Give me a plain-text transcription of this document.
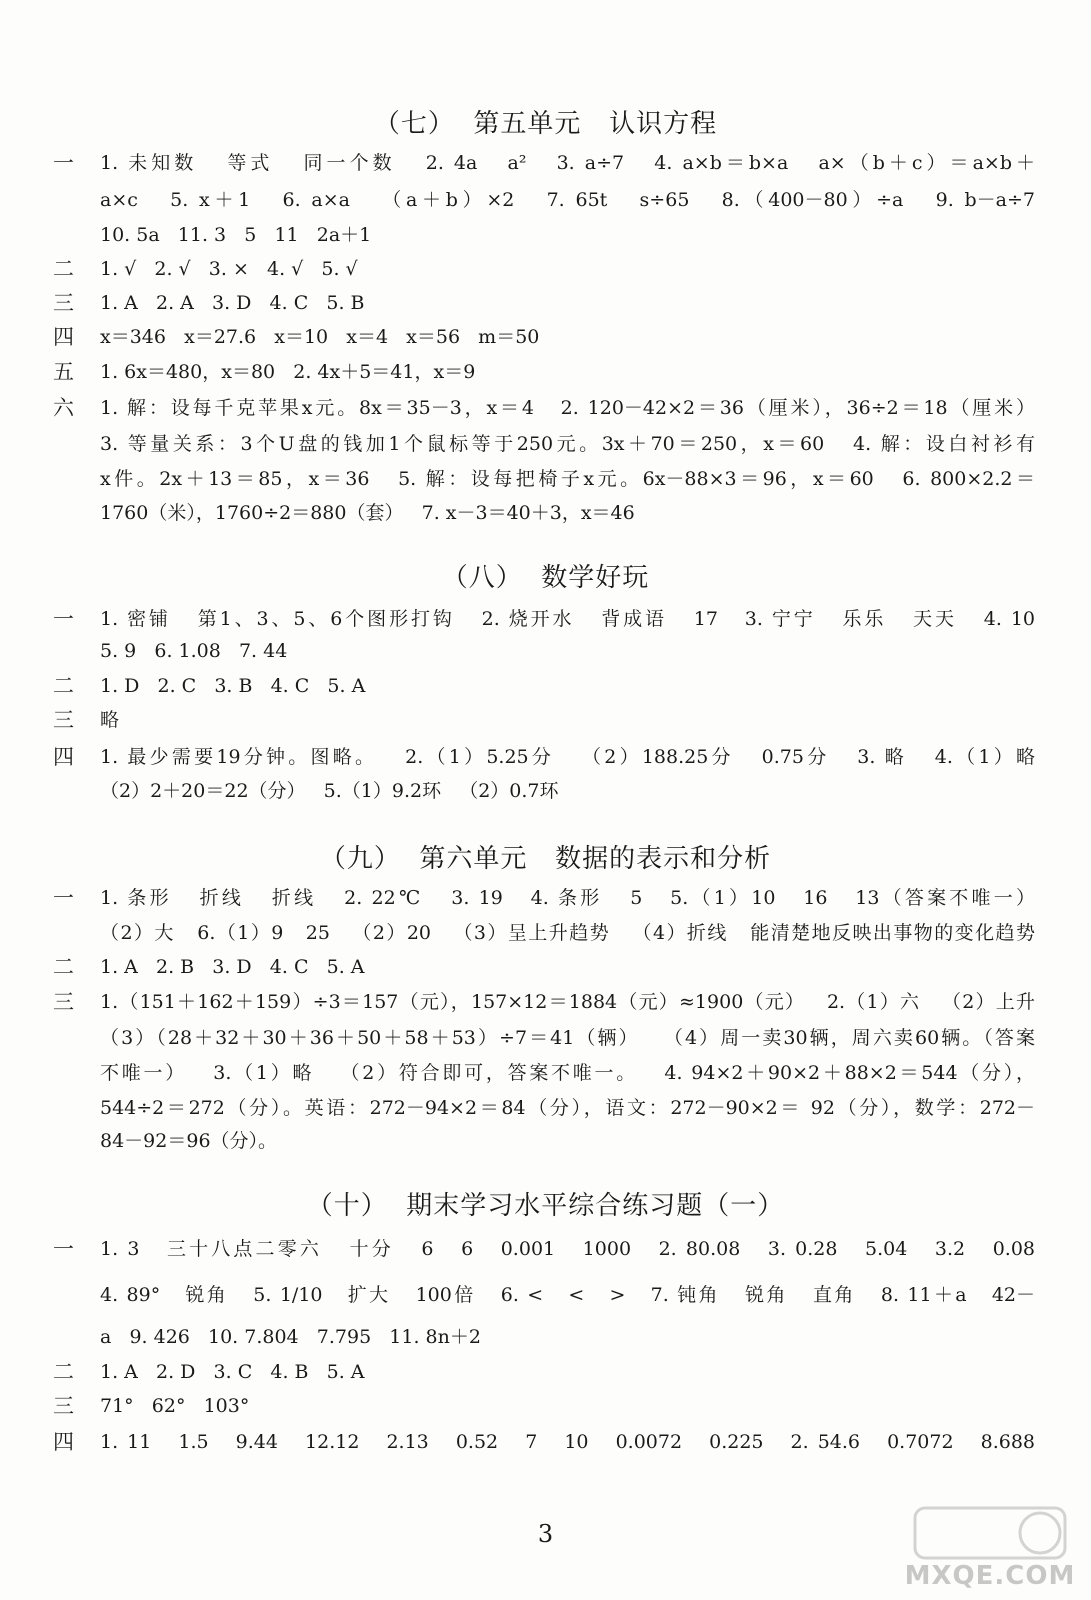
（七）  第五单元   认识方程
一 1. 未知数   等式   同一个数   2. 4a   a²   3. a÷7   4. a×b＝b×a   a×（b＋c）＝a×b＋
a×c   5. x＋1   6. a×a   （a＋b）×2   7. 65t   s÷65   8.（400－80）÷a   9. b－a÷7
10. 5a   11. 3   5   11   2a＋1
二 1. √   2. √   3. ×   4. √   5. √
三 1. A   2. A   3. D   4. C   5. B
四 x＝346   x＝27.6   x＝10   x＝4   x＝56   m＝50
五 1. 6x＝480，x＝80   2. 4x＋5＝41，x＝9
六 1. 解：设每千克苹果x元。8x＝35－3，x＝4   2. 120－42×2＝36（厘米），36÷2＝18（厘米）
3. 等量关系：3个U盘的钱加1个鼠标等于250元。3x＋70＝250，x＝60   4. 解：设白衬衫有
x件。2x＋13＝85，x＝36   5. 解：设每把椅子x元。6x－88×3＝96，x＝60   6. 800×2.2＝
1760（米），1760÷2＝880（套）   7. x－3＝40＋3，x＝46
（八）  数学好玩
一 1. 密铺   第1、3、5、6个图形打钩   2. 烧开水   背成语   17   3. 宁宁   乐乐   天天   4. 10
5. 9   6. 1.08   7. 44
二 1. D   2. C   3. B   4. C   5. A
三 略
四 1. 最少需要19分钟。图略。   2.（1）5.25分   （2）188.25分   0.75分   3. 略   4.（1）略
（2）2＋20＝22（分）   5.（1）9.2环   （2）0.7环
（九）  第六单元   数据的表示和分析
一 1. 条形   折线   折线   2. 22℃   3. 19   4. 条形   5   5.（1）10   16   13（答案不唯一）
（2）大   6.（1）9   25   （2）20   （3）呈上升趋势   （4）折线   能清楚地反映出事物的变化趋势
二 1. A   2. B   3. D   4. C   5. A
三 1.（151＋162＋159）÷3＝157（元），157×12＝1884（元）≈1900（元）   2.（1）六   （2）上升
（3）（28＋32＋30＋36＋50＋58＋53）÷7＝41（辆）   （4）周一卖30辆，周六卖60辆。（答案
不唯一）   3.（1）略   （2）符合即可，答案不唯一。   4. 94×2＋90×2＋88×2＝544（分），
544÷2＝272（分）。英语：272－94×2＝84（分），语文：272－90×2＝ 92（分），数学：272－
84－92＝96（分）。
（十）  期末学习水平综合练习题（一）
一 1. 3   三十八点二零六   十分   6   6   0.001   1000   2. 80.08   3. 0.28   5.04   3.2   0.08
4. 89°   锐角   5. 1/10   扩大   100倍   6. <   <   >   7. 钝角   锐角   直角   8. 11＋a   42－
a   9. 426   10. 7.804   7.795   11. 8n＋2
二 1. A   2. D   3. C   4. B   5. A
三 71°   62°   103°
四 1. 11   1.5   9.44   12.12   2.13   0.52   7   10   0.0072   0.225   2. 54.6   0.7072   8.688
3
MXQE.COM
